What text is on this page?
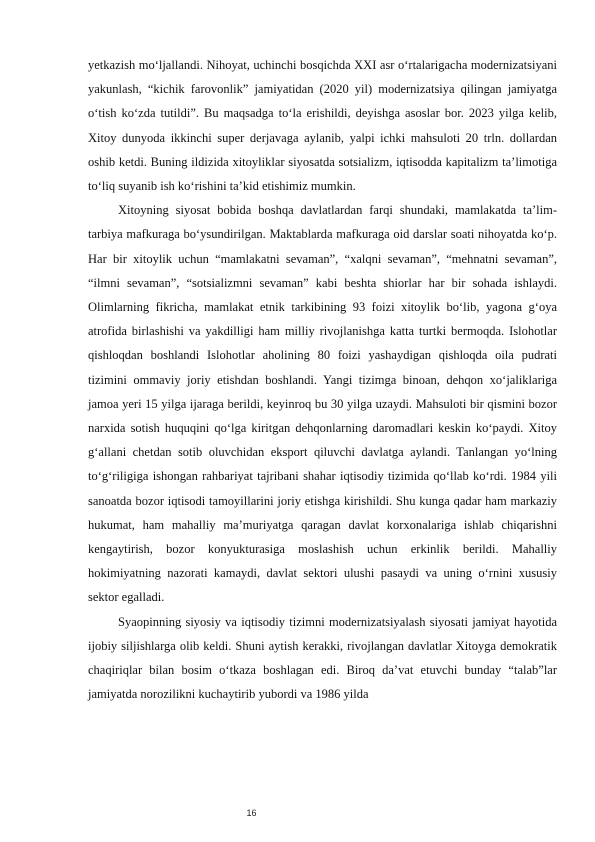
yetkazish mo‘ljallandi. Nihoyat, uchinchi bosqichda XXI asr o‘rtalarigacha modernizatsiyani yakunlash, “kichik farovonlik” jamiyatidan (2020 yil) modernizatsiya qilingan jamiyatga o‘tish ko‘zda tutildi”. Bu maqsadga to‘la erishildi, deyishga asoslar bor. 2023 yilga kelib, Xitoy dunyoda ikkinchi super derjavaga aylanib, yalpi ichki mahsuloti 20 trln. dollardan oshib ketdi. Buning ildizida xitoyliklar siyosatda sotsializm, iqtisodda kapitalizm ta’limotiga to‘liq suyanib ish ko‘rishini ta’kid etishimiz mumkin.

Xitoyning siyosat bobida boshqa davlatlardan farqi shundaki, mamlakatda ta’lim-tarbiya mafkuraga bo‘ysundirilgan. Maktablarda mafkuraga oid darslar soati nihoyatda ko‘p. Har bir xitoylik uchun “mamlakatni sevaman”, “xalqni sevaman”, “mehnatni sevaman”, “ilmni sevaman”, “sotsializmni sevaman” kabi beshta shiorlar har bir sohada ishlaydi. Olimlarning fikricha, mamlakat etnik tarkibining 93 foizi xitoylik bo‘lib, yagona g‘oya atrofida birlashishi va yakdilligi ham milliy rivojlanishga katta turtki bermoqda. Islohotlar qishloqdan boshlandi Islohotlar aholining 80 foizi yashaydigan qishloqda oila pudrati tizimini ommaviy joriy etishdan boshlandi. Yangi tizimga binoan, dehqon xo‘jaliklariga jamoa yeri 15 yilga ijaraga berildi, keyinroq bu 30 yilga uzaydi. Mahsuloti bir qismini bozor narxida sotish huquqini qo‘lga kiritgan dehqonlarning daromadlari keskin ko‘paydi. Xitoy g‘allani chetdan sotib oluvchidan eksport qiluvchi davlatga aylandi. Tanlangan yo‘lning to‘g‘riligiga ishongan rahbariyat tajribani shahar iqtisodiy tizimida qo‘llab ko‘rdi. 1984 yili sanoatda bozor iqtisodi tamoyillarini joriy etishga kirishildi. Shu kunga qadar ham markaziy hukumat, ham mahalliy ma’muriyatga qaragan davlat korxonalariga ishlab chiqarishni kengaytirish, bozor konyukturasiga moslashish uchun erkinlik berildi. Mahalliy hokimiyatning nazorati kamaydi, davlat sektori ulushi pasaydi va uning o‘rnini xususiy sektor egalladi.

Syaopinning siyosiy va iqtisodiy tizimni modernizatsiyalash siyosati jamiyat hayotida ijobiy siljishlarga olib keldi. Shuni aytish kerakki, rivojlangan davlatlar Xitoyga demokratik chaqiriqlar bilan bosim o‘tkaza boshlagan edi. Biroq da’vat etuvchi bunday “talab”lar jamiyatda norozilikni kuchaytirib yubordi va 1986 yilda

16
